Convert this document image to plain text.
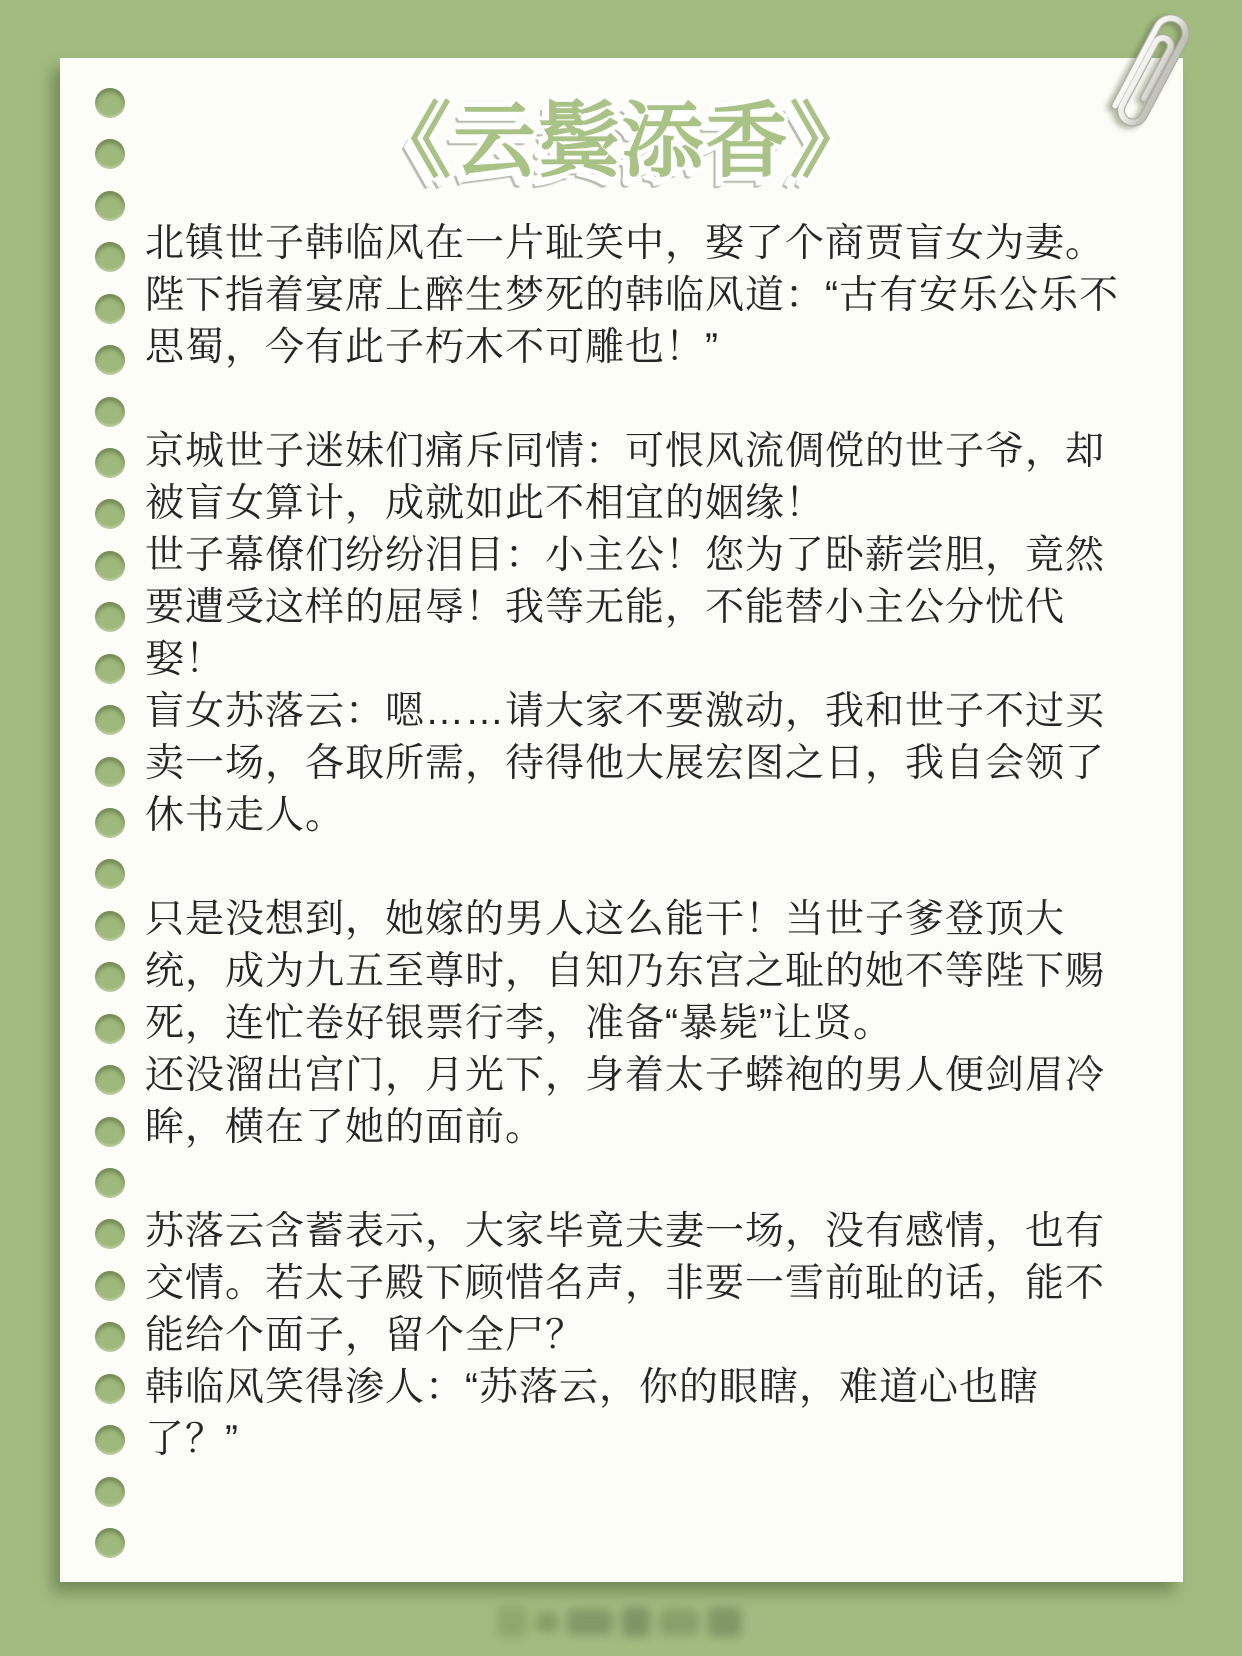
《云鬓添香》
北镇世子韩临风在一片耻笑中，娶了个商贾盲女为妻。
陛下指着宴席上醉生梦死的韩临风道：“古有安乐公乐不思蜀，今有此子朽木不可雕也！”
京城世子迷妹们痛斥同情：可恨风流倜傥的世子爷，却被盲女算计，成就如此不相宜的姻缘！
世子幕僚们纷纷泪目：小主公！您为了卧薪尝胆，竟然要遭受这样的屈辱！我等无能，不能替小主公分忧代娶！
盲女苏落云：嗯……请大家不要激动，我和世子不过买卖一场，各取所需，待得他大展宏图之日，我自会领了休书走人。
只是没想到，她嫁的男人这么能干！当世子爹登顶大统，成为九五至尊时，自知乃东宫之耻的她不等陛下赐死，连忙卷好银票行李，准备“暴毙”让贤。
还没溜出宫门，月光下，身着太子蟒袍的男人便剑眉冷眸，横在了她的面前。
苏落云含蓄表示，大家毕竟夫妻一场，没有感情，也有交情。若太子殿下顾惜名声，非要一雪前耻的话，能不能给个面子，留个全尸？
韩临风笑得渗人：“苏落云，你的眼瞎，难道心也瞎了？”
